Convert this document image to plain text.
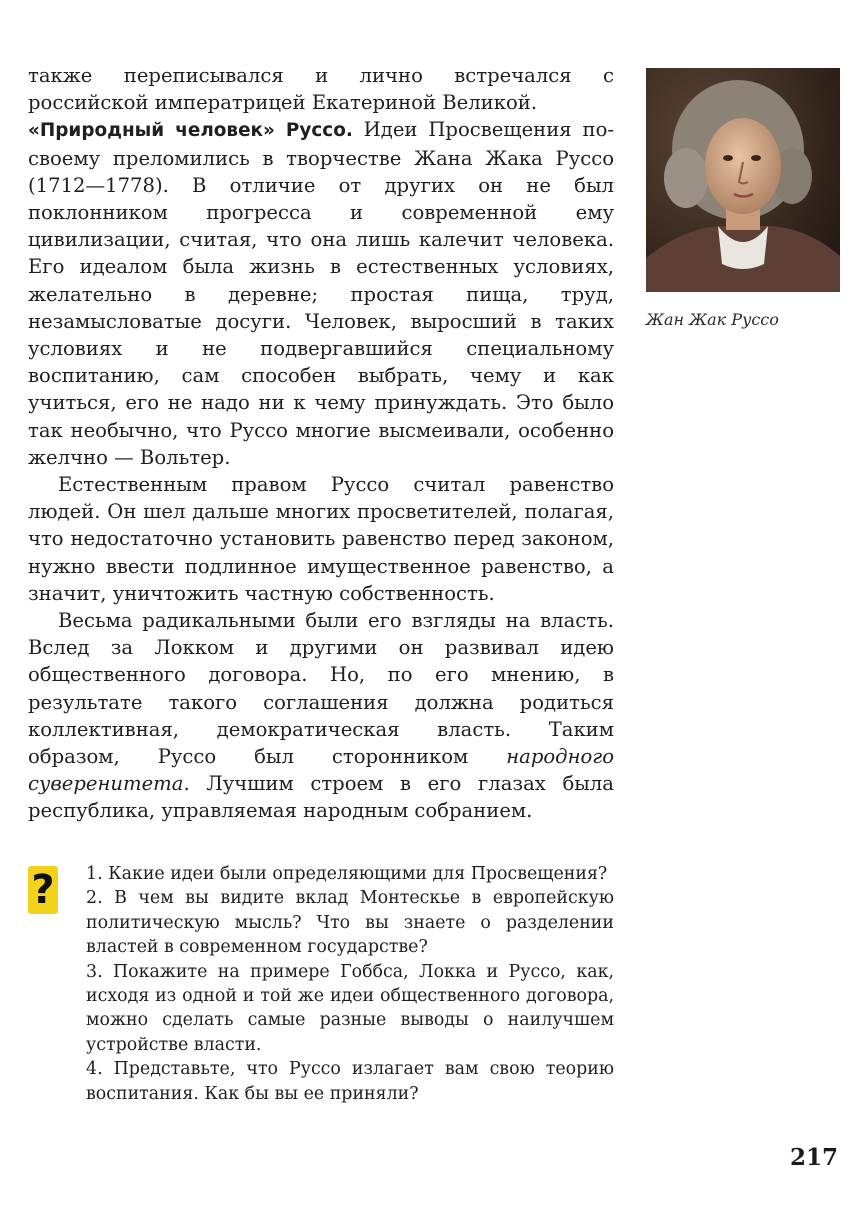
также переписывался и лично встречался с российской императрицей Екатериной Великой.

«Природный человек» Руссо. Идеи Просвещения по-своему преломились в творчестве Жана Жака Руссо (1712—1778). В отличие от других он не был поклонником прогресса и современной ему цивилизации, считая, что она лишь калечит человека. Его идеалом была жизнь в естественных условиях, желательно в деревне; простая пища, труд, незамысловатые досуги. Человек, выросший в таких условиях и не подвергавшийся специальному воспитанию, сам способен выбрать, чему и как учиться, его не надо ни к чему принуждать. Это было так необычно, что Руссо многие высмеивали, особенно желчно — Вольтер.

Естественным правом Руссо считал равенство людей. Он шел дальше многих просветителей, полагая, что недостаточно установить равенство перед законом, нужно ввести подлинное имущественное равенство, а значит, уничтожить частную собственность.

Весьма радикальными были его взгляды на власть. Вслед за Локком и другими он развивал идею общественного договора. Но, по его мнению, в результате такого соглашения должна родиться коллективная, демократическая власть. Таким образом, Руссо был сторонником народного суверенитета. Лучшим строем в его глазах была республика, управляемая народным собранием.

Жан Жак Руссо
? 1. Какие идеи были определяющими для Просвещения?

2. В чем вы видите вклад Монтескье в европейскую политическую мысль? Что вы знаете о разделении властей в современном государстве?

3. Покажите на примере Гоббса, Локка и Руссо, как, исходя из одной и той же идеи общественного договора, можно сделать самые разные выводы о наилучшем устройстве власти.

4. Представьте, что Руссо излагает вам свою теорию воспитания. Как бы вы ее приняли?

217
